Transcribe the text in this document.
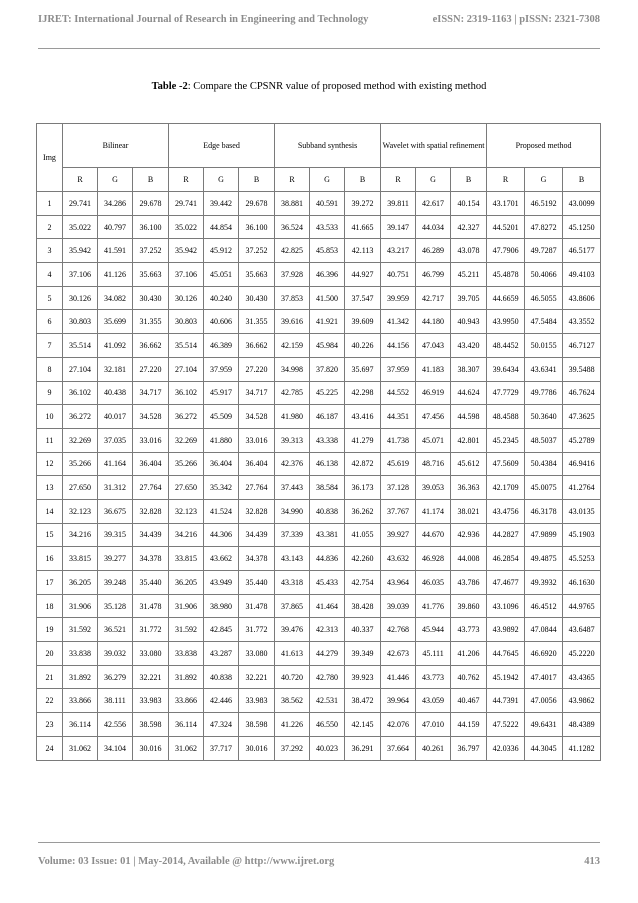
IJRET: International Journal of Research in Engineering and Technology	eISSN: 2319-1163 | pISSN: 2321-7308
Table -2: Compare the CPSNR value of proposed method with existing method
Img	Bilinear			Edge based			Subband synthesis			Wavelet with spatial refinement			Proposed method		
	R	G	B	R	G	B	R	G	B	R	G	B	R	G	B
1	29.741	34.286	29.678	29.741	39.442	29.678	38.881	40.591	39.272	39.811	42.617	40.154	43.1701	46.5192	43.0099
2	35.022	40.797	36.100	35.022	44.854	36.100	36.524	43.533	41.665	39.147	44.034	42.327	44.5201	47.8272	45.1250
3	35.942	41.591	37.252	35.942	45.912	37.252	42.825	45.853	42.113	43.217	46.289	43.078	47.7906	49.7287	46.5177
4	37.106	41.126	35.663	37.106	45.051	35.663	37.928	46.396	44.927	40.751	46.799	45.211	45.4878	50.4066	49.4103
5	30.126	34.082	30.430	30.126	40.240	30.430	37.853	41.500	37.547	39.959	42.717	39.705	44.6659	46.5055	43.8606
6	30.803	35.699	31.355	30.803	40.606	31.355	39.616	41.921	39.609	41.342	44.180	40.943	43.9950	47.5484	43.3552
7	35.514	41.092	36.662	35.514	46.389	36.662	42.159	45.984	40.226	44.156	47.043	43.420	48.4452	50.0155	46.7127
8	27.104	32.181	27.220	27.104	37.959	27.220	34.998	37.820	35.697	37.959	41.183	38.307	39.6434	43.6341	39.5488
9	36.102	40.438	34.717	36.102	45.917	34.717	42.785	45.225	42.298	44.552	46.919	44.624	47.7729	49.7786	46.7624
10	36.272	40.017	34.528	36.272	45.509	34.528	41.980	46.187	43.416	44.351	47.456	44.598	48.4588	50.3640	47.3625
11	32.269	37.035	33.016	32.269	41.880	33.016	39.313	43.338	41.279	41.738	45.071	42.801	45.2345	48.5037	45.2789
12	35.266	41.164	36.404	35.266	36.404	36.404	42.376	46.138	42.872	45.619	48.716	45.612	47.5609	50.4384	46.9416
13	27.650	31.312	27.764	27.650	35.342	27.764	37.443	38.584	36.173	37.128	39.053	36.363	42.1709	45.0075	41.2764
14	32.123	36.675	32.828	32.123	41.524	32.828	34.990	40.838	36.262	37.767	41.174	38.021	43.4756	46.3178	43.0135
15	34.216	39.315	34.439	34.216	44.306	34.439	37.339	43.381	41.055	39.927	44.670	42.936	44.2827	47.9899	45.1903
16	33.815	39.277	34.378	33.815	43.662	34.378	43.143	44.836	42.260	43.632	46.928	44.008	46.2854	49.4875	45.5253
17	36.205	39.248	35.440	36.205	43.949	35.440	43.318	45.433	42.754	43.964	46.035	43.786	47.4677	49.3932	46.1630
18	31.906	35.128	31.478	31.906	38.980	31.478	37.865	41.464	38.428	39.039	41.776	39.860	43.1096	46.4512	44.9765
19	31.592	36.521	31.772	31.592	42.845	31.772	39.476	42.313	40.337	42.768	45.944	43.773	43.9892	47.0844	43.6487
20	33.838	39.032	33.080	33.838	43.287	33.080	41.613	44.279	39.349	42.673	45.111	41.206	44.7645	46.6920	45.2220
21	31.892	36.279	32.221	31.892	40.838	32.221	40.720	42.780	39.923	41.446	43.773	40.762	45.1942	47.4017	43.4365
22	33.866	38.111	33.983	33.866	42.446	33.983	38.562	42.531	38.472	39.964	43.059	40.467	44.7391	47.0056	43.9862
23	36.114	42.556	38.598	36.114	47.324	38.598	41.226	46.550	42.145	42.076	47.010	44.159	47.5222	49.6431	48.4389
24	31.062	34.104	30.016	31.062	37.717	30.016	37.292	40.023	36.291	37.664	40.261	36.797	42.0336	44.3045	41.1282
Volume: 03 Issue: 01 | May-2014, Available @ http://www.ijret.org	413
